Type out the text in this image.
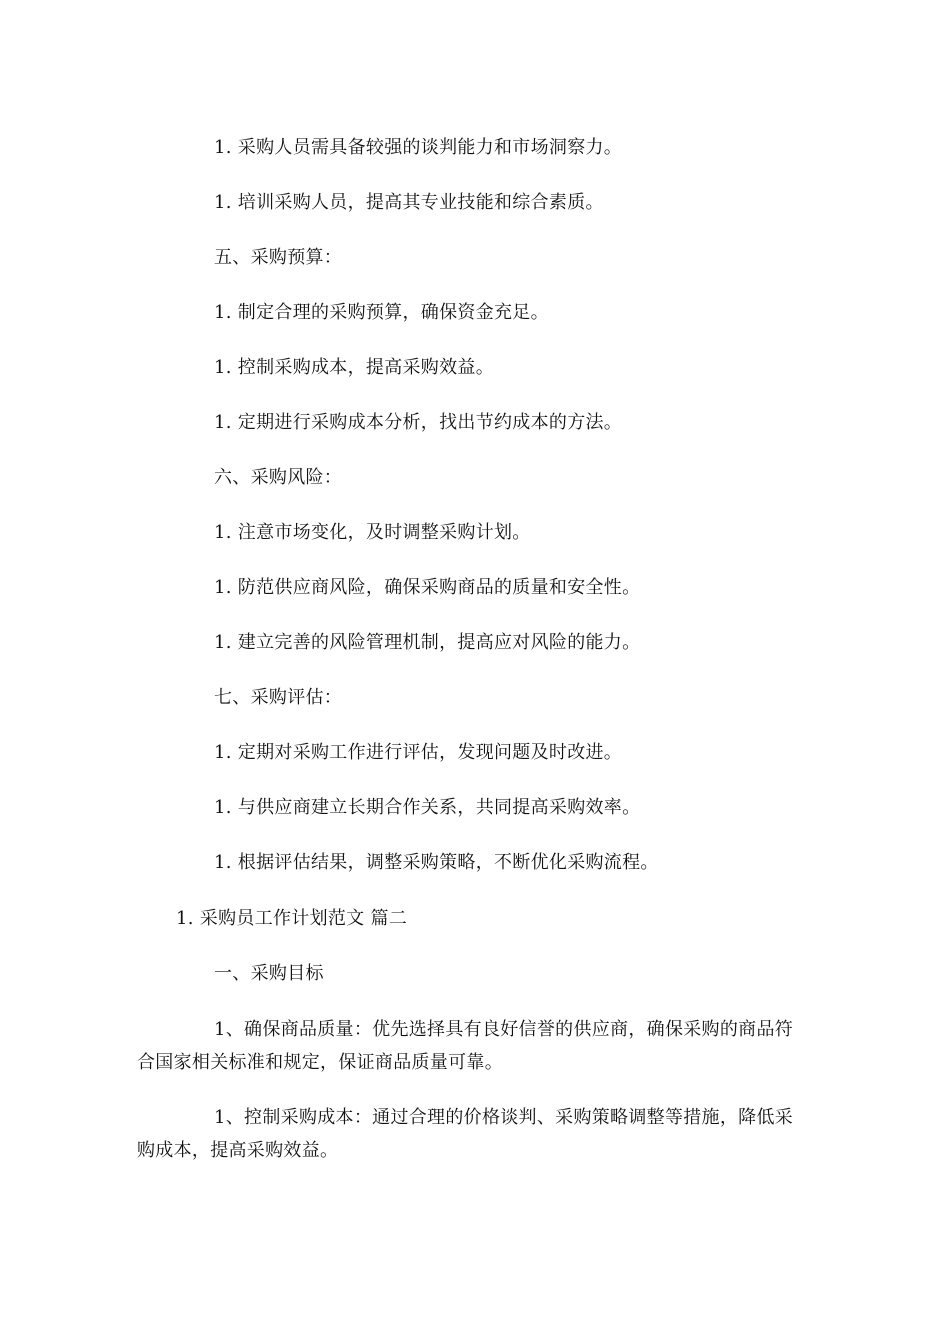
1. 采购人员需具备较强的谈判能力和市场洞察力。
1. 培训采购人员，提高其专业技能和综合素质。
五、采购预算：
1. 制定合理的采购预算，确保资金充足。
1. 控制采购成本，提高采购效益。
1. 定期进行采购成本分析，找出节约成本的方法。
六、采购风险：
1. 注意市场变化，及时调整采购计划。
1. 防范供应商风险，确保采购商品的质量和安全性。
1. 建立完善的风险管理机制，提高应对风险的能力。
七、采购评估：
1. 定期对采购工作进行评估，发现问题及时改进。
1. 与供应商建立长期合作关系，共同提高采购效率。
1. 根据评估结果，调整采购策略，不断优化采购流程。
1. 采购员工作计划范文 篇二
一、采购目标
1、确保商品质量：优先选择具有良好信誉的供应商，确保采购的商品符合国家相关标准和规定，保证商品质量可靠。
1、控制采购成本：通过合理的价格谈判、采购策略调整等措施，降低采购成本，提高采购效益。
